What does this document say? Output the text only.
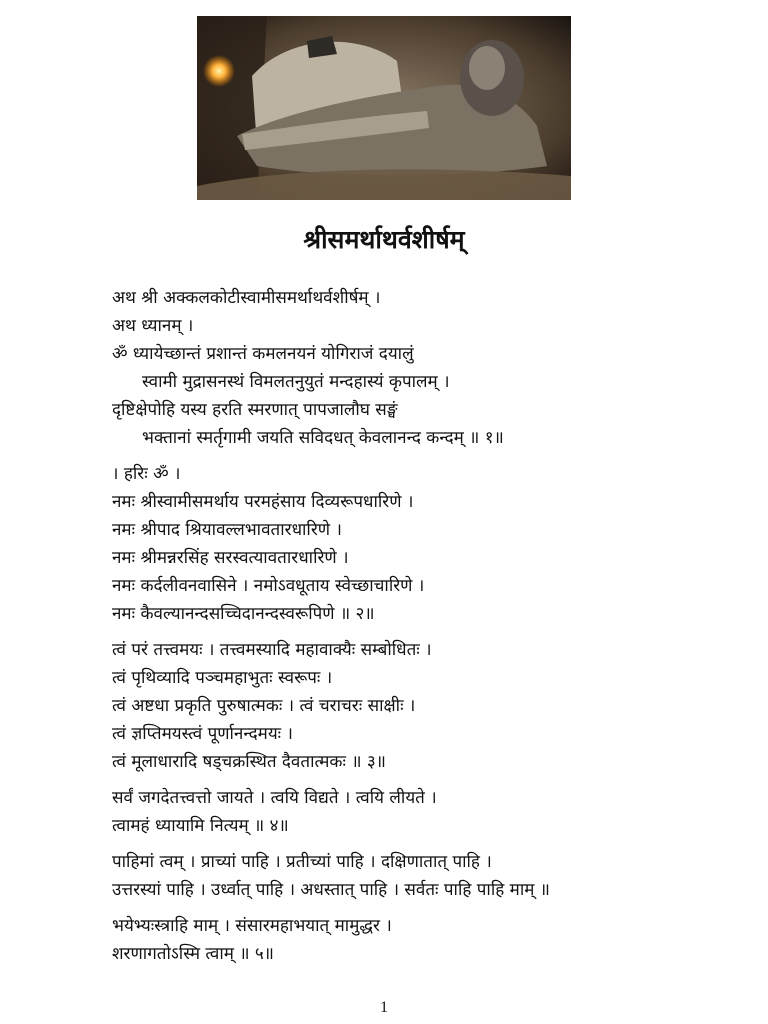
श्रीसमर्थाथर्वशीर्षम्
अथ श्री अक्कलकोटीस्वामीसमर्थाथर्वशीर्षम् ।
अथ ध्यानम् ।
ॐ ध्यायेच्छान्तं प्रशान्तं कमलनयनं योगिराजं दयालुं
स्वामी मुद्रासनस्थं विमलतनुयुतं मन्दहास्यं कृपालम् ।
दृष्टिक्षेपोहि यस्य हरति स्मरणात् पापजालौघ सङ्घं
भक्तानां स्मर्तृगामी जयति सविदधत् केवलानन्द कन्दम् ॥ १॥
। हरिः ॐ ।
नमः श्रीस्वामीसमर्थाय परमहंसाय दिव्यरूपधारिणे ।
नमः श्रीपाद श्रियावल्लभावतारधारिणे ।
नमः श्रीमन्नरसिंह सरस्वत्यावतारधारिणे ।
नमः कर्दलीवनवासिने । नमोऽवधूताय स्वेच्छाचारिणे ।
नमः कैवल्यानन्दसच्चिदानन्दस्वरूपिणे ॥ २॥
त्वं परं तत्त्वमयः । तत्त्वमस्यादि महावाक्यैः सम्बोधितः ।
त्वं पृथिव्यादि पञ्चमहाभुतः स्वरूपः ।
त्वं अष्टधा प्रकृति पुरुषात्मकः । त्वं चराचरः साक्षीः ।
त्वं ज्ञप्तिमयस्त्वं पूर्णानन्दमयः ।
त्वं मूलाधारादि षड्चक्रस्थित दैवतात्मकः ॥ ३॥
सर्वं जगदेतत्त्वत्तो जायते । त्वयि विद्यते । त्वयि लीयते ।
त्वामहं ध्यायामि नित्यम् ॥ ४॥
पाहिमां त्वम् । प्राच्यां पाहि । प्रतीच्यां पाहि । दक्षिणातात् पाहि ।
उत्तरस्यां पाहि । उर्ध्वात् पाहि । अधस्तात् पाहि । सर्वतः पाहि पाहि माम् ॥
भयेभ्यःस्त्राहि माम् । संसारमहाभयात् मामुद्धर ।
शरणागतोऽस्मि त्वाम् ॥ ५॥
1
